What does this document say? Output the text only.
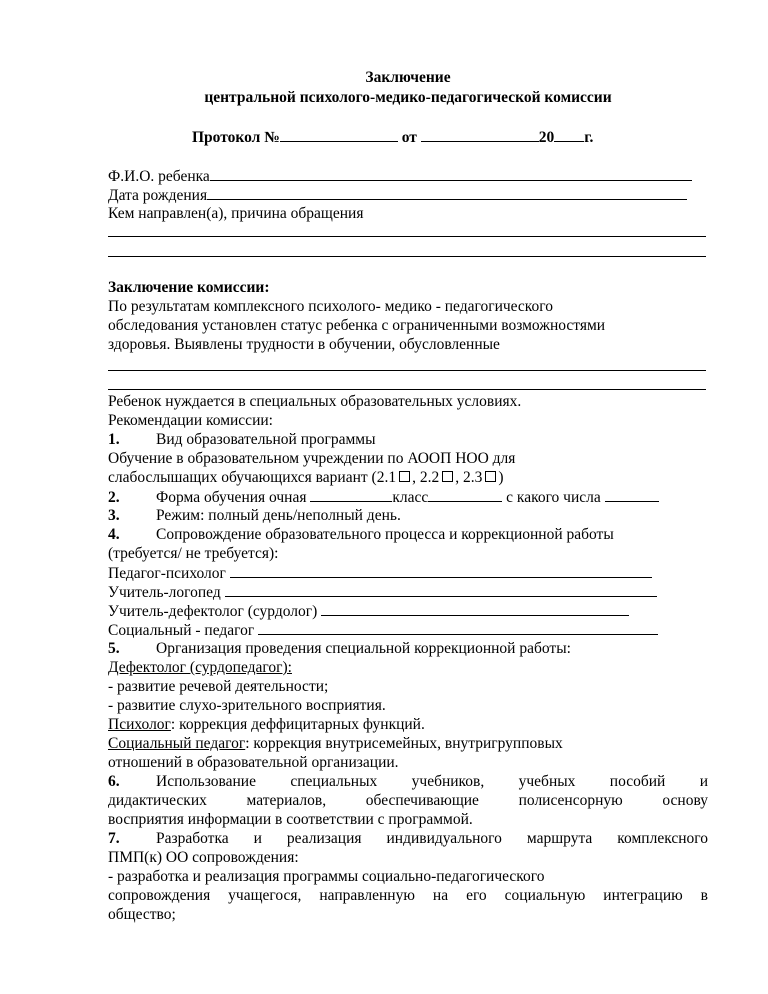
Заключение
центральной психолого-медико-педагогической комиссии
Протокол №	от	20 г.
Ф.И.О. ребенка
Дата рождения
Кем направлен(а), причина обращения
Заключение комиссии:
По результатам комплексного психолого- медико - педагогического
обследования установлен статус ребенка с ограниченными возможностями
здоровья. Выявлены трудности в обучении, обусловленные
Ребенок нуждается в специальных образовательных условиях.
Рекомендации комиссии:
1. Вид образовательной программы
Обучение в образовательном учреждении по АООП НОО для
слабослышащих обучающихся вариант (2.1 , 2.2 , 2.3 )
2. Форма обучения очная	класс	с какого числа
3. Режим: полный день/неполный день.
4. Сопровождение образовательного процесса и коррекционной работы
(требуется/ не требуется):
Педагог-психолог
Учитель-логопед
Учитель-дефектолог (сурдолог)
Социальный - педагог
5. Организация проведения специальной коррекционной работы:
Дефектолог (сурдопедагог):
- развитие речевой деятельности;
- развитие слухо-зрительного восприятия.
Психолог: коррекция деффицитарных функций.
Социальный педагог: коррекция внутрисемейных, внутригрупповых
отношений в образовательной организации.
6. Использование специальных учебников, учебных пособий и
дидактических материалов, обеспечивающие полисенсорную основу
восприятия информации в соответствии с программой.
7. Разработка и реализация индивидуального маршрута комплексного
ПМП(к) ОО сопровождения:
- разработка и реализация программы социально-педагогического
сопровождения учащегося, направленную на его социальную интеграцию в
общество;
